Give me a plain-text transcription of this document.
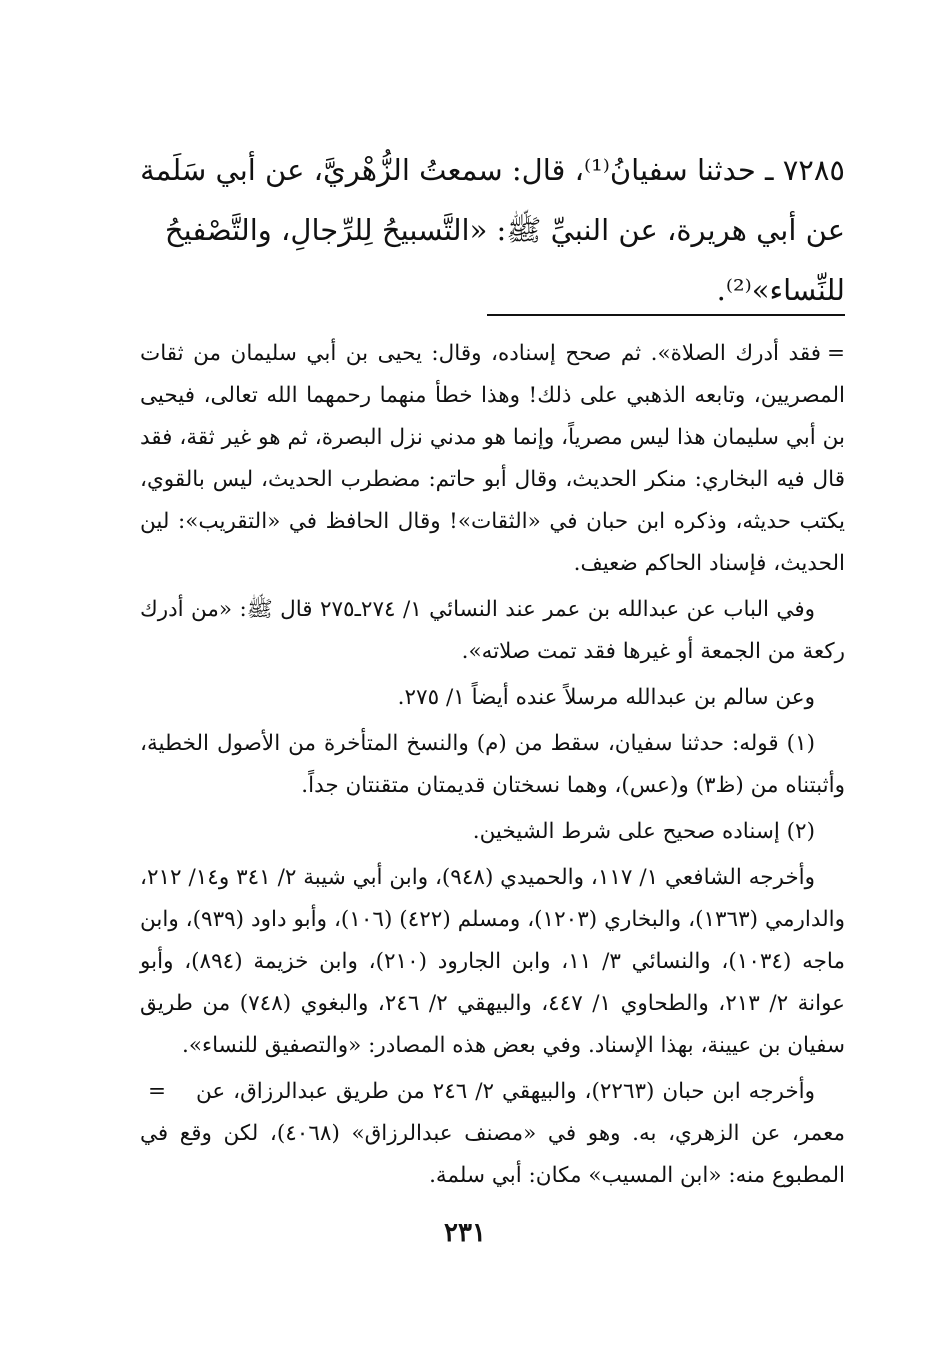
٧٢٨٥ ـ حدثنا سفيانُ⁽¹⁾، قال: سمعتُ الزُّهْريَّ، عن أبي سَلَمة

عن أبي هريرة، عن النبيِّ ﷺ: «التَّسبيحُ لِلرِّجالِ، والتَّصْفيحُ

للنِّساء»⁽²⁾.

=
فقد أدرك الصلاة». ثم صحح إسناده، وقال: يحيى بن أبي سليمان من ثقات المصريين، وتابعه الذهبي على ذلك! وهذا خطأ منهما رحمهما الله تعالى، فيحيى بن أبي سليمان هذا ليس مصرياً، وإنما هو مدني نزل البصرة، ثم هو غير ثقة، فقد قال فيه البخاري: منكر الحديث، وقال أبو حاتم: مضطرب الحديث، ليس بالقوي، يكتب حديثه، وذكره ابن حبان في «الثقات»! وقال الحافظ في «التقريب»: لين الحديث، فإسناد الحاكم ضعيف.

وفي الباب عن عبدالله بن عمر عند النسائي ١/ ٢٧٤ـ٢٧٥ قال ﷺ: «من أدرك ركعة من الجمعة أو غيرها فقد تمت صلاته».

وعن سالم بن عبدالله مرسلاً عنده أيضاً ١/ ٢٧٥.

(١) قوله: حدثنا سفيان، سقط من (م) والنسخ المتأخرة من الأصول الخطية، وأثبتناه من (ظ٣) و(عس)، وهما نسختان قديمتان متقنتان جداً.

(٢) إسناده صحيح على شرط الشيخين.

وأخرجه الشافعي ١/ ١١٧، والحميدي (٩٤٨)، وابن أبي شيبة ٢/ ٣٤١ و١٤/ ٢١٢، والدارمي (١٣٦٣)، والبخاري (١٢٠٣)، ومسلم (٤٢٢) (١٠٦)، وأبو داود (٩٣٩)، وابن ماجه (١٠٣٤)، والنسائي ٣/ ١١، وابن الجارود (٢١٠)، وابن خزيمة (٨٩٤)، وأبو عوانة ٢/ ٢١٣، والطحاوي ١/ ٤٤٧، والبيهقي ٢/ ٢٤٦، والبغوي (٧٤٨) من طريق سفيان بن عيينة، بهذا الإسناد. وفي بعض هذه المصادر: «والتصفيق للنساء».

=	وأخرجه ابن حبان (٢٢٦٣)، والبيهقي ٢/ ٢٤٦ من طريق عبدالرزاق، عن معمر، عن الزهري، به. وهو في «مصنف عبدالرزاق» (٤٠٦٨)، لكن وقع في المطبوع منه: «ابن المسيب» مكان: أبي سلمة.

٢٣١
